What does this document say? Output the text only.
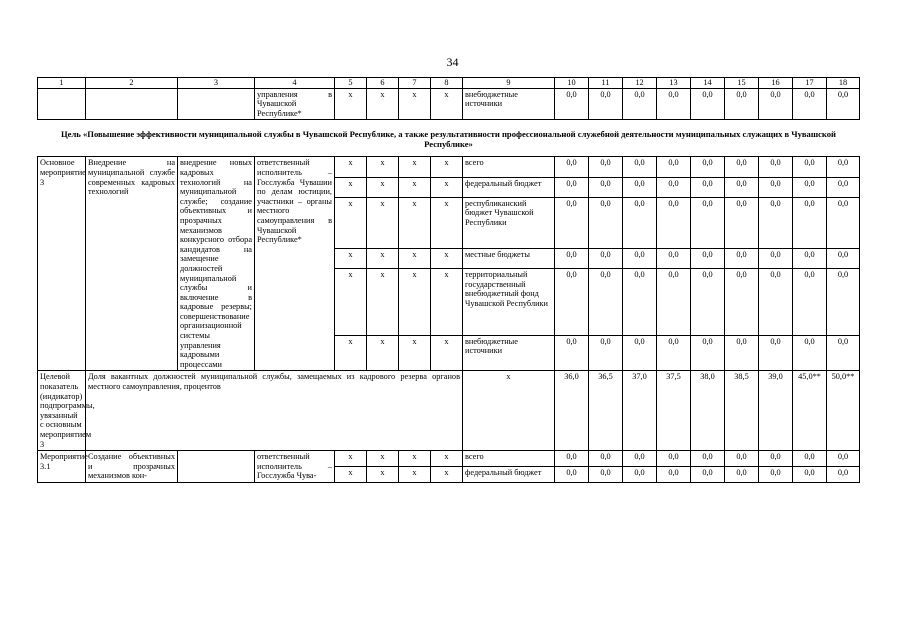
34
1	2	3	4	5	6	7	8	9	10	11	12	13	14	15	16	17	18
			управления в Чувашской Республике*	x	x	x	x	внебюджетные источники	0,0	0,0	0,0	0,0	0,0	0,0	0,0	0,0	0,0
Цель «Повышение эффективности муниципальной службы в Чувашской Республике, а также результативности профессиональной служебной деятельности муниципальных служащих в Чувашской Республике»																	
Основное мероприятие 3	Внедрение на муниципальной службе современных кадровых технологий	внедрение новых кадровых технологий на муниципальной службе; создание объективных и прозрачных механизмов конкурсного отбора кандидатов на замещение должностей муниципальной службы и включение в кадровые резервы; совершенствование организационной системы управления кадровыми процессами	ответственный исполнитель – Госслужба Чувашии по делам юстиции, участники – органы местного самоуправления в Чувашской Республике*	x	x	x	x	всего	0,0	0,0	0,0	0,0	0,0	0,0	0,0	0,0	0,0
				x	x	x	x	федеральный бюджет	0,0	0,0	0,0	0,0	0,0	0,0	0,0	0,0	0,0
				x	x	x	x	республиканский бюджет Чувашской Республики	0,0	0,0	0,0	0,0	0,0	0,0	0,0	0,0	0,0
				x	x	x	x	местные бюджеты	0,0	0,0	0,0	0,0	0,0	0,0	0,0	0,0	0,0
				x	x	x	x	территориальный государственный внебюджетный фонд Чувашской Республики	0,0	0,0	0,0	0,0	0,0	0,0	0,0	0,0	0,0
				x	x	x	x	внебюджетные источники	0,0	0,0	0,0	0,0	0,0	0,0	0,0	0,0	0,0
Целевой показатель (индикатор) подпрограммы, увязанный с основным мероприятием 3	Доля вакантных должностей муниципальной службы, замещаемых из кадрового резерва органов местного самоуправления, процентов							x	36,0	36,5	37,0	37,5	38,0	38,5	39,0	45,0**	50,0**
Мероприятие 3.1	Создание объективных и прозрачных механизмов кон-		ответственный исполнитель – Госслужба Чува-	x	x	x	x	всего	0,0	0,0	0,0	0,0	0,0	0,0	0,0	0,0	0,0
				x	x	x	x	федеральный бюджет	0,0	0,0	0,0	0,0	0,0	0,0	0,0	0,0	0,0
